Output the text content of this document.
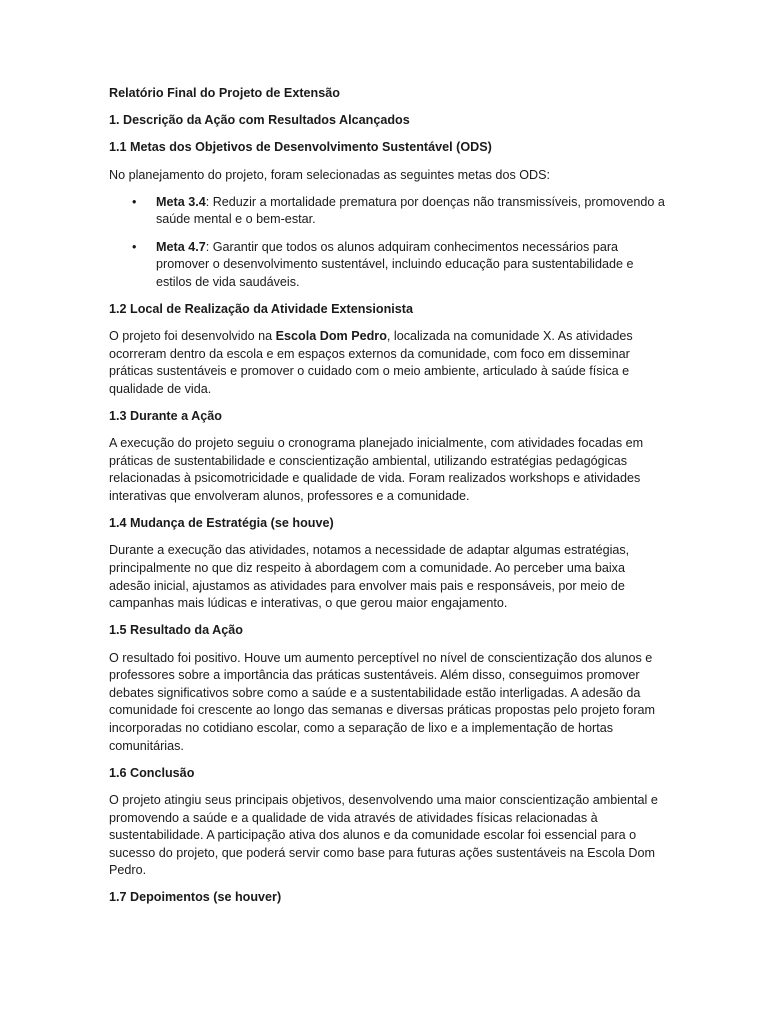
Relatório Final do Projeto de Extensão
1. Descrição da Ação com Resultados Alcançados
1.1 Metas dos Objetivos de Desenvolvimento Sustentável (ODS)
No planejamento do projeto, foram selecionadas as seguintes metas dos ODS:
• Meta 3.4: Reduzir a mortalidade prematura por doenças não transmissíveis, promovendo a saúde mental e o bem-estar.
• Meta 4.7: Garantir que todos os alunos adquiram conhecimentos necessários para promover o desenvolvimento sustentável, incluindo educação para sustentabilidade e estilos de vida saudáveis.
1.2 Local de Realização da Atividade Extensionista
O projeto foi desenvolvido na Escola Dom Pedro, localizada na comunidade X. As atividades ocorreram dentro da escola e em espaços externos da comunidade, com foco em disseminar práticas sustentáveis e promover o cuidado com o meio ambiente, articulado à saúde física e qualidade de vida.
1.3 Durante a Ação
A execução do projeto seguiu o cronograma planejado inicialmente, com atividades focadas em práticas de sustentabilidade e conscientização ambiental, utilizando estratégias pedagógicas relacionadas à psicomotricidade e qualidade de vida. Foram realizados workshops e atividades interativas que envolveram alunos, professores e a comunidade.
1.4 Mudança de Estratégia (se houve)
Durante a execução das atividades, notamos a necessidade de adaptar algumas estratégias, principalmente no que diz respeito à abordagem com a comunidade. Ao perceber uma baixa adesão inicial, ajustamos as atividades para envolver mais pais e responsáveis, por meio de campanhas mais lúdicas e interativas, o que gerou maior engajamento.
1.5 Resultado da Ação
O resultado foi positivo. Houve um aumento perceptível no nível de conscientização dos alunos e professores sobre a importância das práticas sustentáveis. Além disso, conseguimos promover debates significativos sobre como a saúde e a sustentabilidade estão interligadas. A adesão da comunidade foi crescente ao longo das semanas e diversas práticas propostas pelo projeto foram incorporadas no cotidiano escolar, como a separação de lixo e a implementação de hortas comunitárias.
1.6 Conclusão
O projeto atingiu seus principais objetivos, desenvolvendo uma maior conscientização ambiental e promovendo a saúde e a qualidade de vida através de atividades físicas relacionadas à sustentabilidade. A participação ativa dos alunos e da comunidade escolar foi essencial para o sucesso do projeto, que poderá servir como base para futuras ações sustentáveis na Escola Dom Pedro.
1.7 Depoimentos (se houver)
